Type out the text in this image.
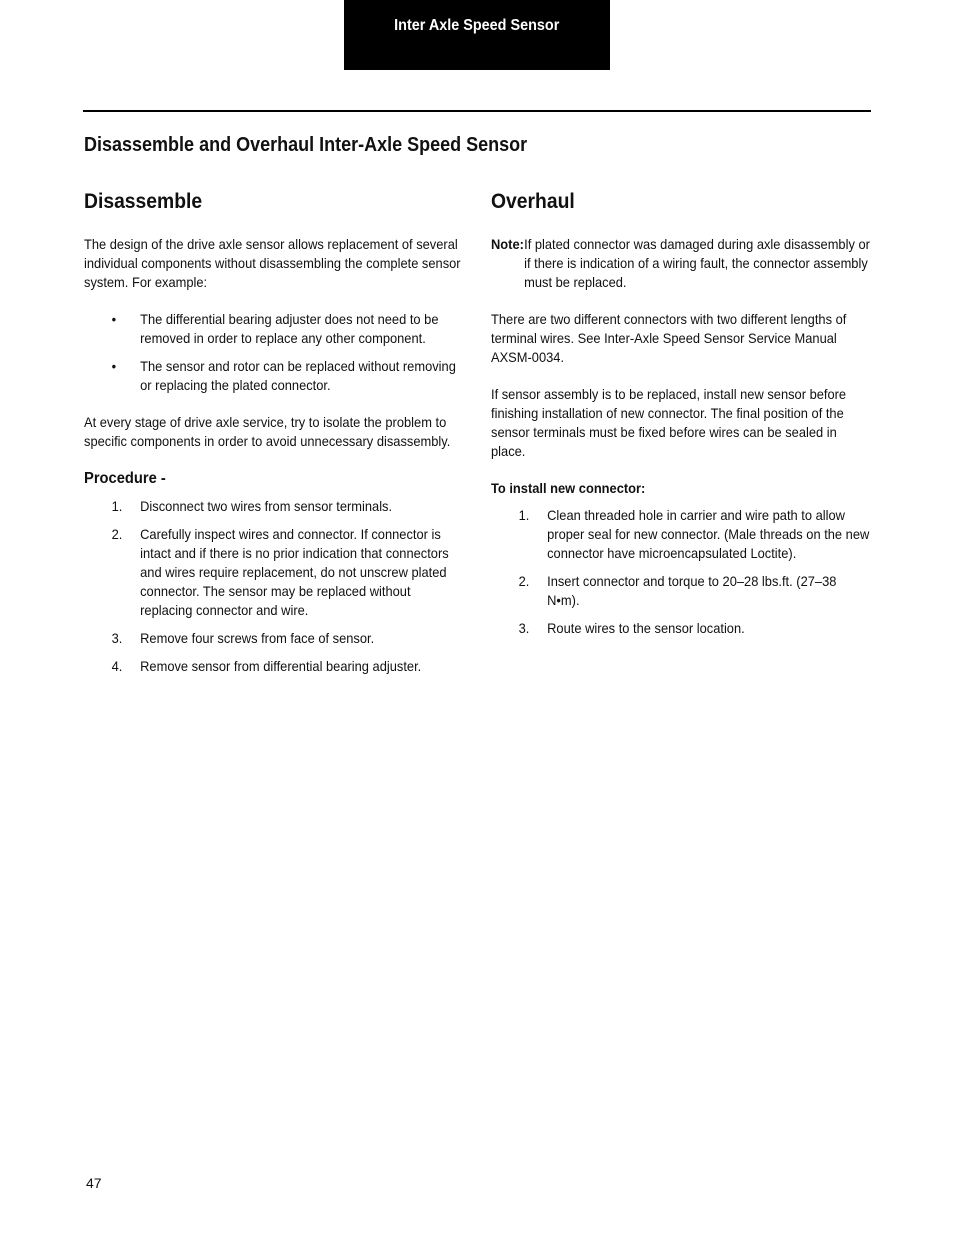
Inter Axle Speed Sensor
Disassemble and Overhaul Inter-Axle Speed Sensor
Disassemble

The design of the drive axle sensor allows replacement of several individual components without disassembling the complete sensor system. For example:

• The differential bearing adjuster does not need to be removed in order to replace any other component.
• The sensor and rotor can be replaced without removing or replacing the plated connector.

At every stage of drive axle service, try to isolate the problem to specific components in order to avoid unnecessary disassembly.

Procedure -
1. Disconnect two wires from sensor terminals.
2. Carefully inspect wires and connector. If connector is intact and if there is no prior indication that connectors and wires require replacement, do not unscrew plated connector. The sensor may be replaced without replacing connector and wire.
3. Remove four screws from face of sensor.
4. Remove sensor from differential bearing adjuster.
Overhaul
Note: If plated connector was damaged during axle disassembly or if there is indication of a wiring fault, the connector assembly must be replaced.

There are two different connectors with two different lengths of terminal wires. See Inter-Axle Speed Sensor Service Manual AXSM-0034.

If sensor assembly is to be replaced, install new sensor before finishing installation of new connector. The final position of the sensor terminals must be fixed before wires can be sealed in place.

To install new connector:
1. Clean threaded hole in carrier and wire path to allow proper seal for new connector. (Male threads on the new connector have microencapsulated Loctite).
2. Insert connector and torque to 20–28 lbs.ft. (27–38 N•m).
3. Route wires to the sensor location.
47
